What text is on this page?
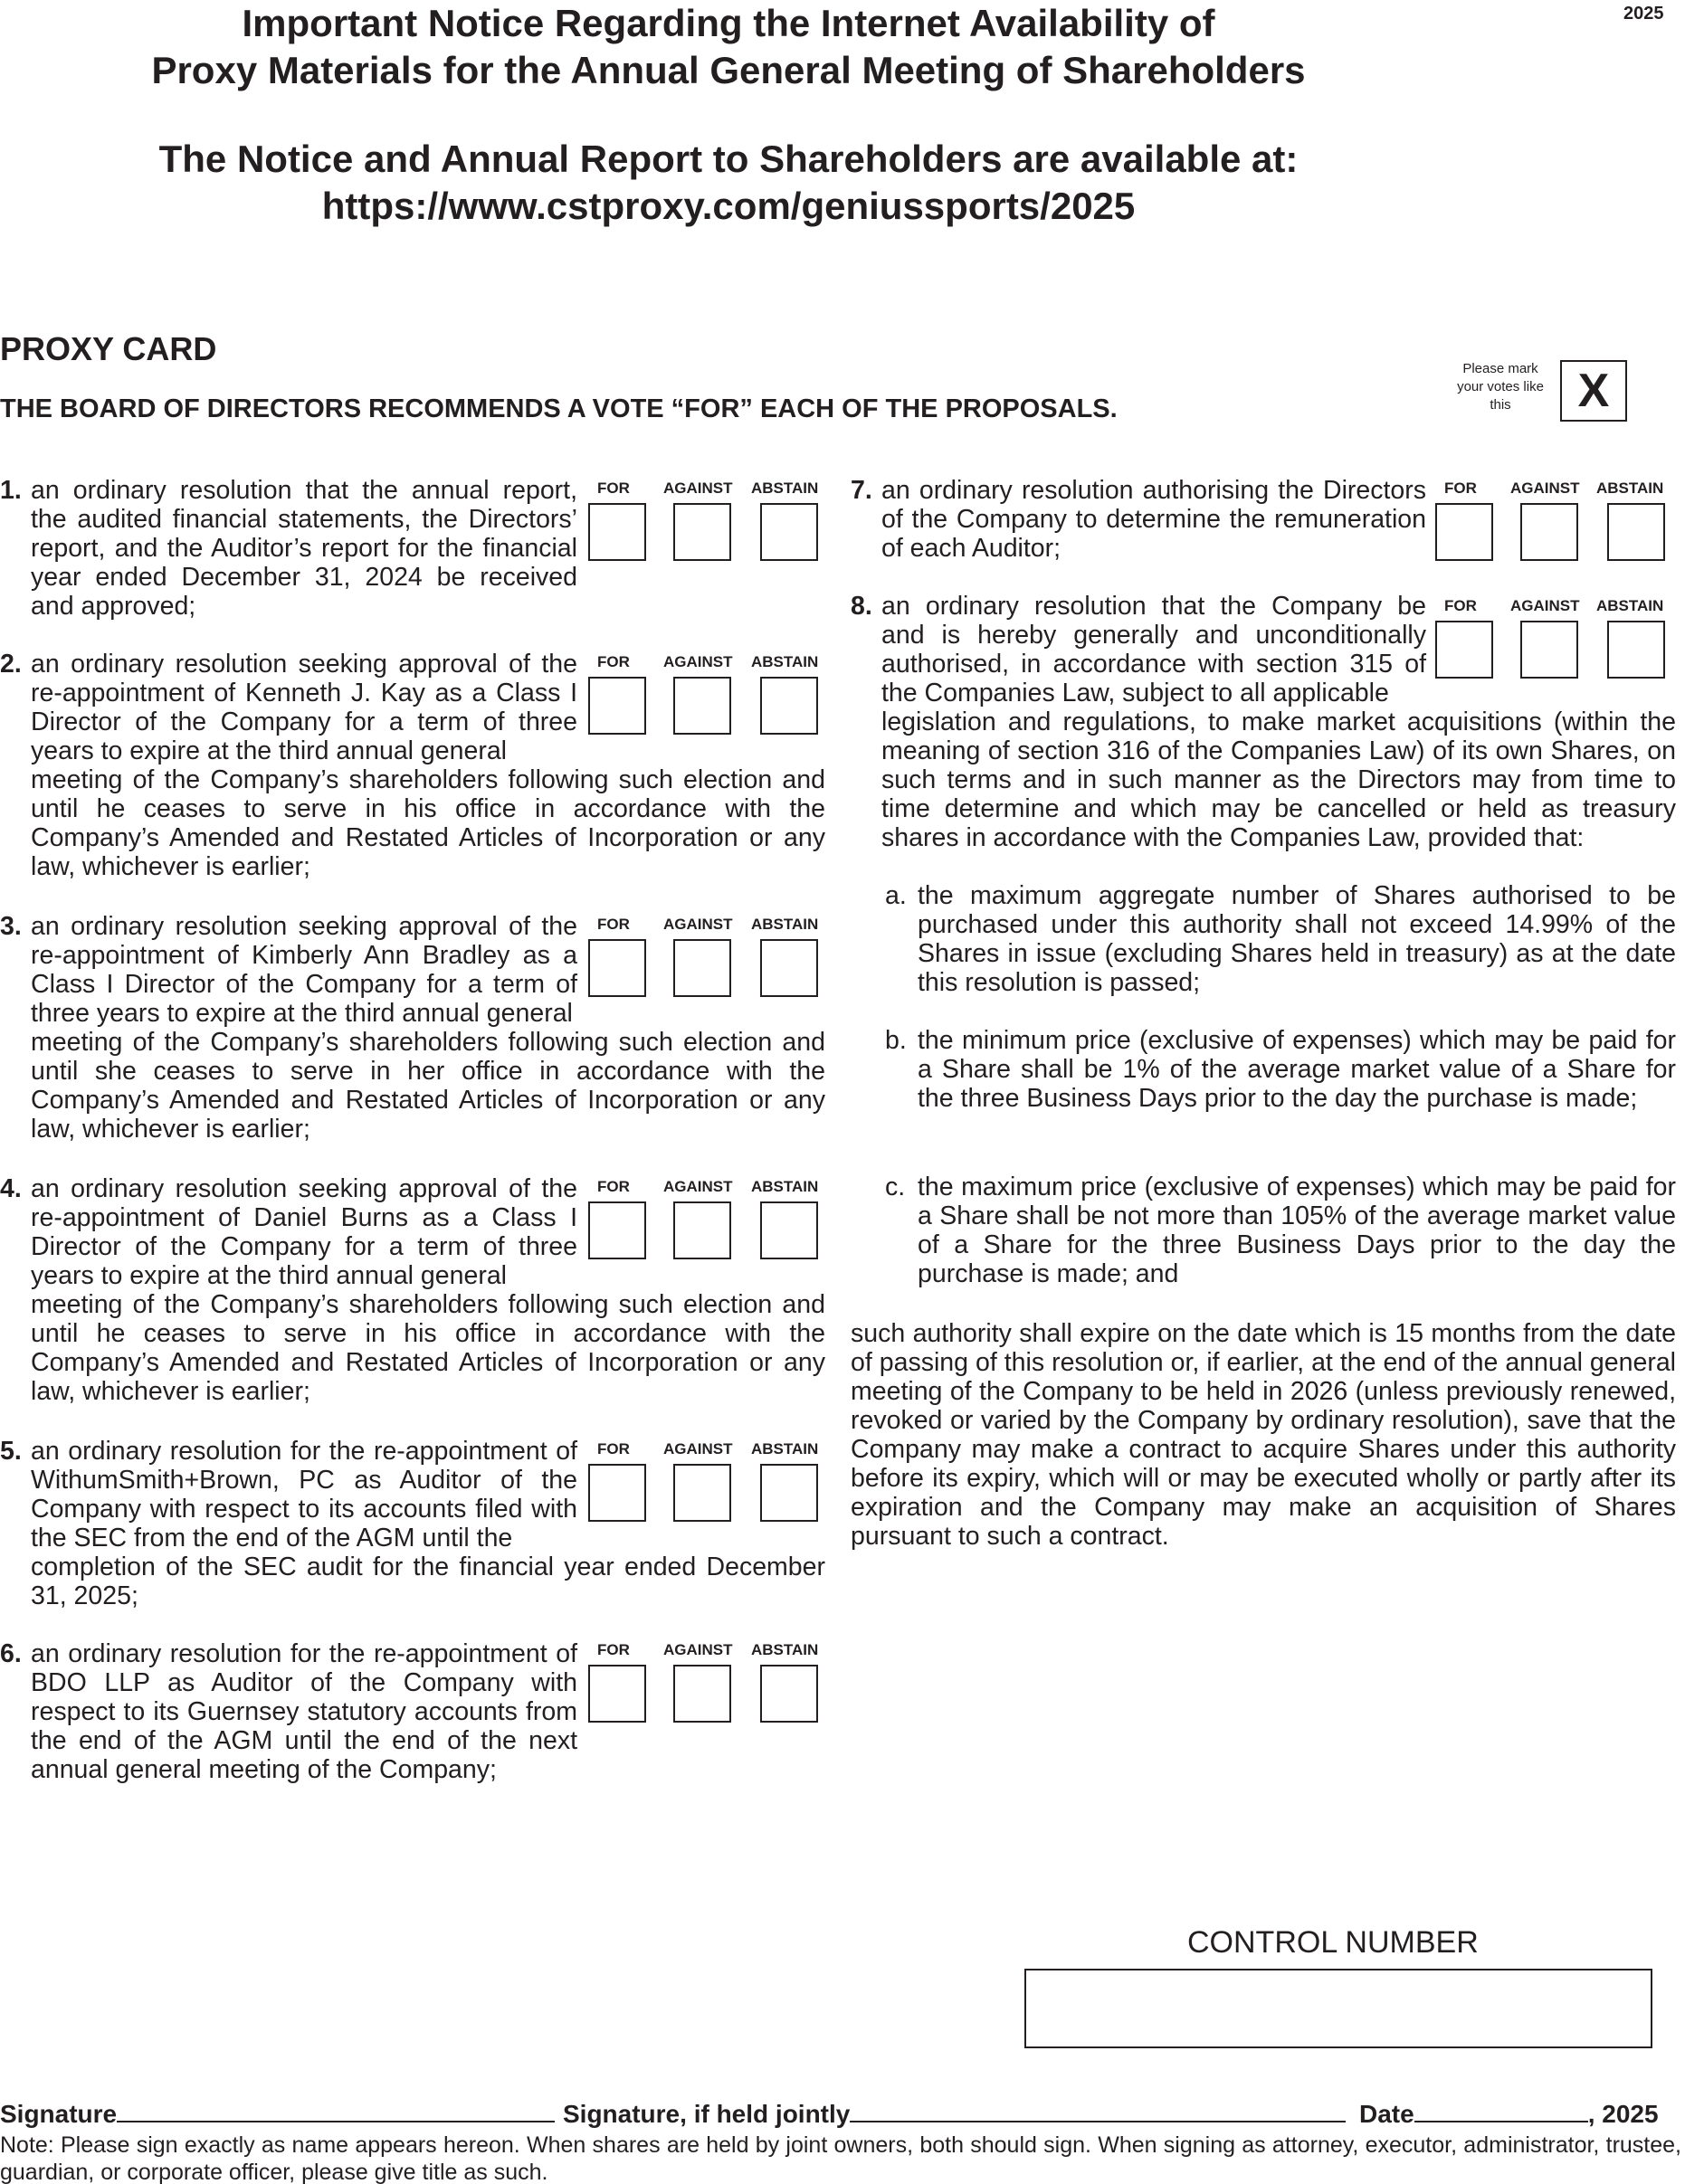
2025
Important Notice Regarding the Internet Availability of
Proxy Materials for the Annual General Meeting of Shareholders
The Notice and Annual Report to Shareholders are available at:
https://www.cstproxy.com/geniussports/2025
PROXY CARD
THE BOARD OF DIRECTORS RECOMMENDS A VOTE “FOR” EACH OF THE PROPOSALS.
Please mark your votes like this	X
1. an ordinary resolution that the annual report, the audited financial statements, the Directors’ report, and the Auditor’s report for the financial year ended December 31, 2024 be received and approved;
FOR AGAINST ABSTAIN
2. an ordinary resolution seeking approval of the re-appointment of Kenneth J. Kay as a Class I Director of the Company for a term of three years to expire at the third annual general
meeting of the Company’s shareholders following such election and until he ceases to serve in his office in accordance with the Company’s Amended and Restated Articles of Incorporation or any law, whichever is earlier;
FOR AGAINST ABSTAIN
3. an ordinary resolution seeking approval of the re-appointment of Kimberly Ann Bradley as a Class I Director of the Company for a term of three years to expire at the third annual general
meeting of the Company’s shareholders following such election and until she ceases to serve in her office in accordance with the Company’s Amended and Restated Articles of Incorporation or any law, whichever is earlier;
FOR AGAINST ABSTAIN
4. an ordinary resolution seeking approval of the re-appointment of Daniel Burns as a Class I Director of the Company for a term of three years to expire at the third annual general
meeting of the Company’s shareholders following such election and until he ceases to serve in his office in accordance with the Company’s Amended and Restated Articles of Incorporation or any law, whichever is earlier;
FOR AGAINST ABSTAIN
5. an ordinary resolution for the re-appointment of WithumSmith+Brown, PC as Auditor of the Company with respect to its accounts filed with the SEC from the end of the AGM until the
completion of the SEC audit for the financial year ended December 31, 2025;
FOR AGAINST ABSTAIN
6. an ordinary resolution for the re-appointment of BDO LLP as Auditor of the Company with respect to its Guernsey statutory accounts from the end of the AGM until the end of the next annual general meeting of the Company;
FOR AGAINST ABSTAIN
7. an ordinary resolution authorising the Directors of the Company to determine the remuneration of each Auditor;
FOR AGAINST ABSTAIN
8. an ordinary resolution that the Company be and is hereby generally and unconditionally authorised, in accordance with section 315 of the Companies Law, subject to all applicable
legislation and regulations, to make market acquisitions (within the meaning of section 316 of the Companies Law) of its own Shares, on such terms and in such manner as the Directors may from time to time determine and which may be cancelled or held as treasury shares in accordance with the Companies Law, provided that:
FOR AGAINST ABSTAIN
a. the maximum aggregate number of Shares authorised to be purchased under this authority shall not exceed 14.99% of the Shares in issue (excluding Shares held in treasury) as at the date this resolution is passed;
b. the minimum price (exclusive of expenses) which may be paid for a Share shall be 1% of the average market value of a Share for the three Business Days prior to the day the purchase is made;
c. the maximum price (exclusive of expenses) which may be paid for a Share shall be not more than 105% of the average market value of a Share for the three Business Days prior to the day the purchase is made; and
such authority shall expire on the date which is 15 months from the date of passing of this resolution or, if earlier, at the end of the annual general meeting of the Company to be held in 2026 (unless previously renewed, revoked or varied by the Company by ordinary resolution), save that the Company may make a contract to acquire Shares under this authority before its expiry, which will or may be executed wholly or partly after its expiration and the Company may make an acquisition of Shares pursuant to such a contract.
CONTROL NUMBER
Signature	Signature, if held jointly	Date	, 2025
Note: Please sign exactly as name appears hereon. When shares are held by joint owners, both should sign. When signing as attorney, executor, administrator, trustee, guardian, or corporate officer, please give title as such.
